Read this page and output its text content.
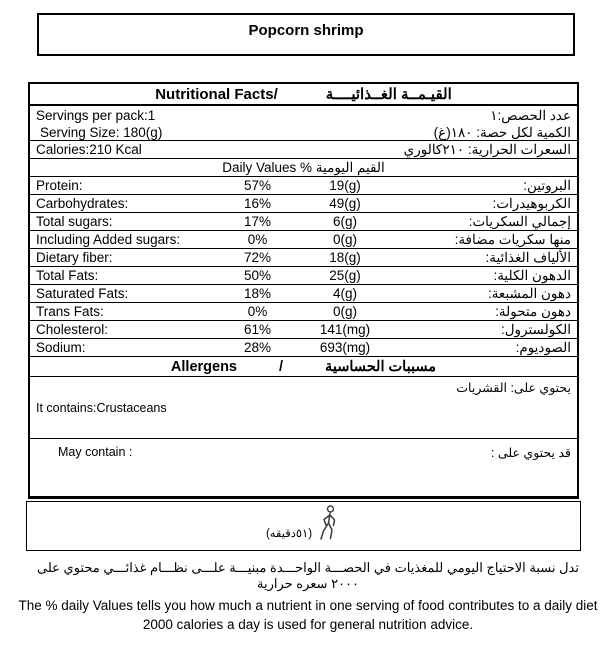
Popcorn shrimp
Nutritional Facts/	القيـمــة الغــذائيــــة
Servings per pack:1	عدد الحصص:١
Serving Size: 180(g)	الكمية لكل حصة: ١٨٠(غ)
Calories:210 Kcal	السعرات الحرارية: ٢١٠كالوري
Daily Values % القيم اليومية
Protein:	57%	19(g)	البروتين:
Carbohydrates:	16%	49(g)	الكربوهيدرات:
Total sugars:	17%	6(g)	إجمالي السكريات:
Including Added sugars:	0%	0(g)	منها سكريات مضافة:
Dietary fiber:	72%	18(g)	الألياف الغذائية:
Total Fats:	50%	25(g)	الدهون الكلية:
Saturated Fats:	18%	4(g)	دهون المشبعة:
Trans Fats:	0%	0(g)	دهون متحولة:
Cholesterol:	61%	141(mg)	الكولسترول:
Sodium:	28%	693(mg)	الصوديوم:
Allergens	/	مسببات الحساسية
يحتوي على: القشريات
It contains:Crustaceans
May contain :	قد يحتوي على :
(٥١دقيقه)
تدل نسبة الاحتياج اليومي للمغذيات في الحصـــة الواحـــدة مبنيـــة علـــى نظـــام غذائـــي محتوي على ٢٠٠٠ سعره حرارية
The % daily Values tells you how much a nutrient in one serving of food contributes to a daily diet
2000 calories a day is used for general nutrition advice.
